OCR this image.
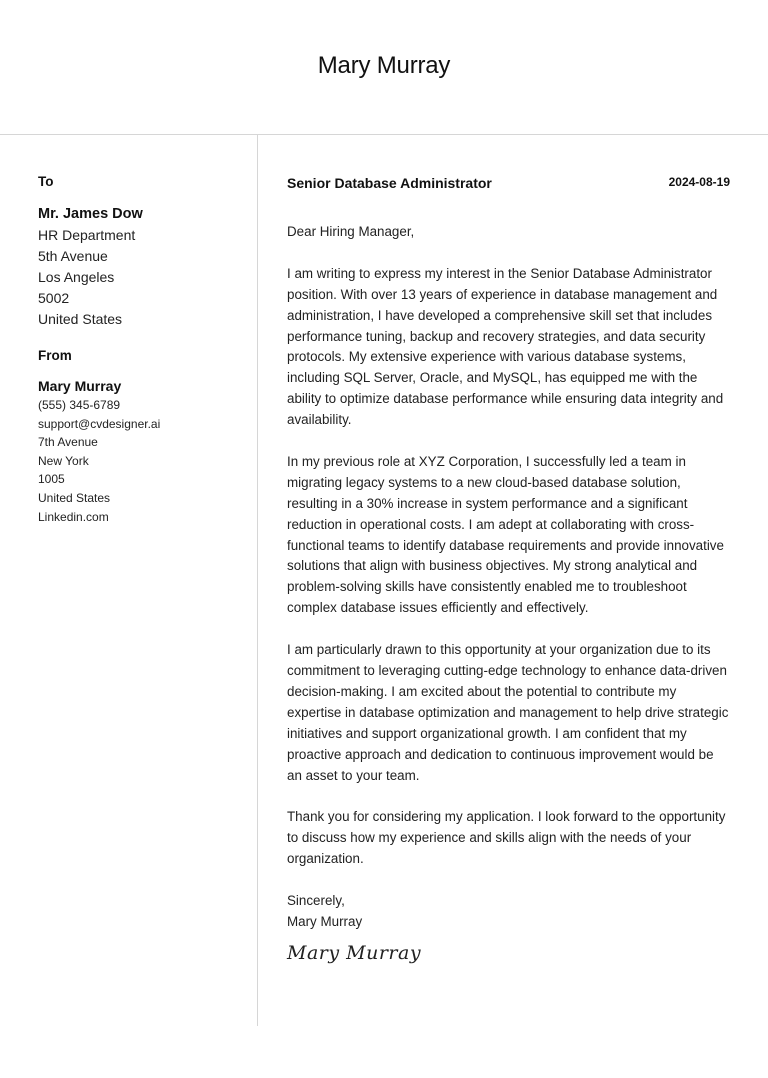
Mary Murray
To
Mr. James Dow
HR Department
5th Avenue
Los Angeles
5002
United States
From
Mary Murray
(555) 345-6789
support@cvdesigner.ai
7th Avenue
New York
1005
United States
Linkedin.com
Senior Database Administrator	2024-08-19

Dear Hiring Manager,

I am writing to express my interest in the Senior Database Administrator position. With over 13 years of experience in database management and administration, I have developed a comprehensive skill set that includes performance tuning, backup and recovery strategies, and data security protocols. My extensive experience with various database systems, including SQL Server, Oracle, and MySQL, has equipped me with the ability to optimize database performance while ensuring data integrity and availability.

In my previous role at XYZ Corporation, I successfully led a team in migrating legacy systems to a new cloud-based database solution, resulting in a 30% increase in system performance and a significant reduction in operational costs. I am adept at collaborating with cross-functional teams to identify database requirements and provide innovative solutions that align with business objectives. My strong analytical and problem-solving skills have consistently enabled me to troubleshoot complex database issues efficiently and effectively.

I am particularly drawn to this opportunity at your organization due to its commitment to leveraging cutting-edge technology to enhance data-driven decision-making. I am excited about the potential to contribute my expertise in database optimization and management to help drive strategic initiatives and support organizational growth. I am confident that my proactive approach and dedication to continuous improvement would be an asset to your team.

Thank you for considering my application. I look forward to the opportunity to discuss how my experience and skills align with the needs of your organization.

Sincerely,

Mary Murray

Mary Murray
